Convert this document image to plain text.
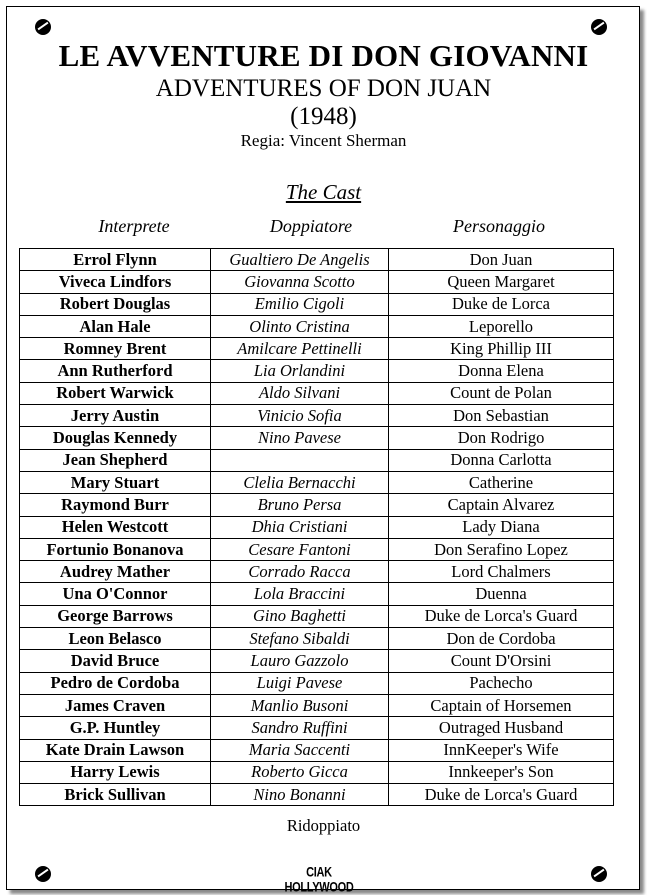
LE AVVENTURE DI DON GIOVANNI
ADVENTURES OF DON JUAN
(1948)
Regia: Vincent Sherman
The Cast
Interprete	Doppiatore	Personaggio
Errol Flynn	Gualtiero De Angelis	Don Juan
Viveca Lindfors	Giovanna Scotto	Queen Margaret
Robert Douglas	Emilio Cigoli	Duke de Lorca
Alan Hale	Olinto Cristina	Leporello
Romney Brent	Amilcare Pettinelli	King Phillip III
Ann Rutherford	Lia Orlandini	Donna Elena
Robert Warwick	Aldo Silvani	Count de Polan
Jerry Austin	Vinicio Sofia	Don Sebastian
Douglas Kennedy	Nino Pavese	Don Rodrigo
Jean Shepherd		Donna Carlotta
Mary Stuart	Clelia Bernacchi	Catherine
Raymond Burr	Bruno Persa	Captain Alvarez
Helen Westcott	Dhia Cristiani	Lady Diana
Fortunio Bonanova	Cesare Fantoni	Don Serafino Lopez
Audrey Mather	Corrado Racca	Lord Chalmers
Una O'Connor	Lola Braccini	Duenna
George Barrows	Gino Baghetti	Duke de Lorca's Guard
Leon Belasco	Stefano Sibaldi	Don de Cordoba
David Bruce	Lauro Gazzolo	Count D'Orsini
Pedro de Cordoba	Luigi Pavese	Pachecho
James Craven	Manlio Busoni	Captain of Horsemen
G.P. Huntley	Sandro Ruffini	Outraged Husband
Kate Drain Lawson	Maria Saccenti	InnKeeper's Wife
Harry Lewis	Roberto Gicca	Innkeeper's Son
Brick Sullivan	Nino Bonanni	Duke de Lorca's Guard
Ridoppiato
CIAK HOLLYWOOD
